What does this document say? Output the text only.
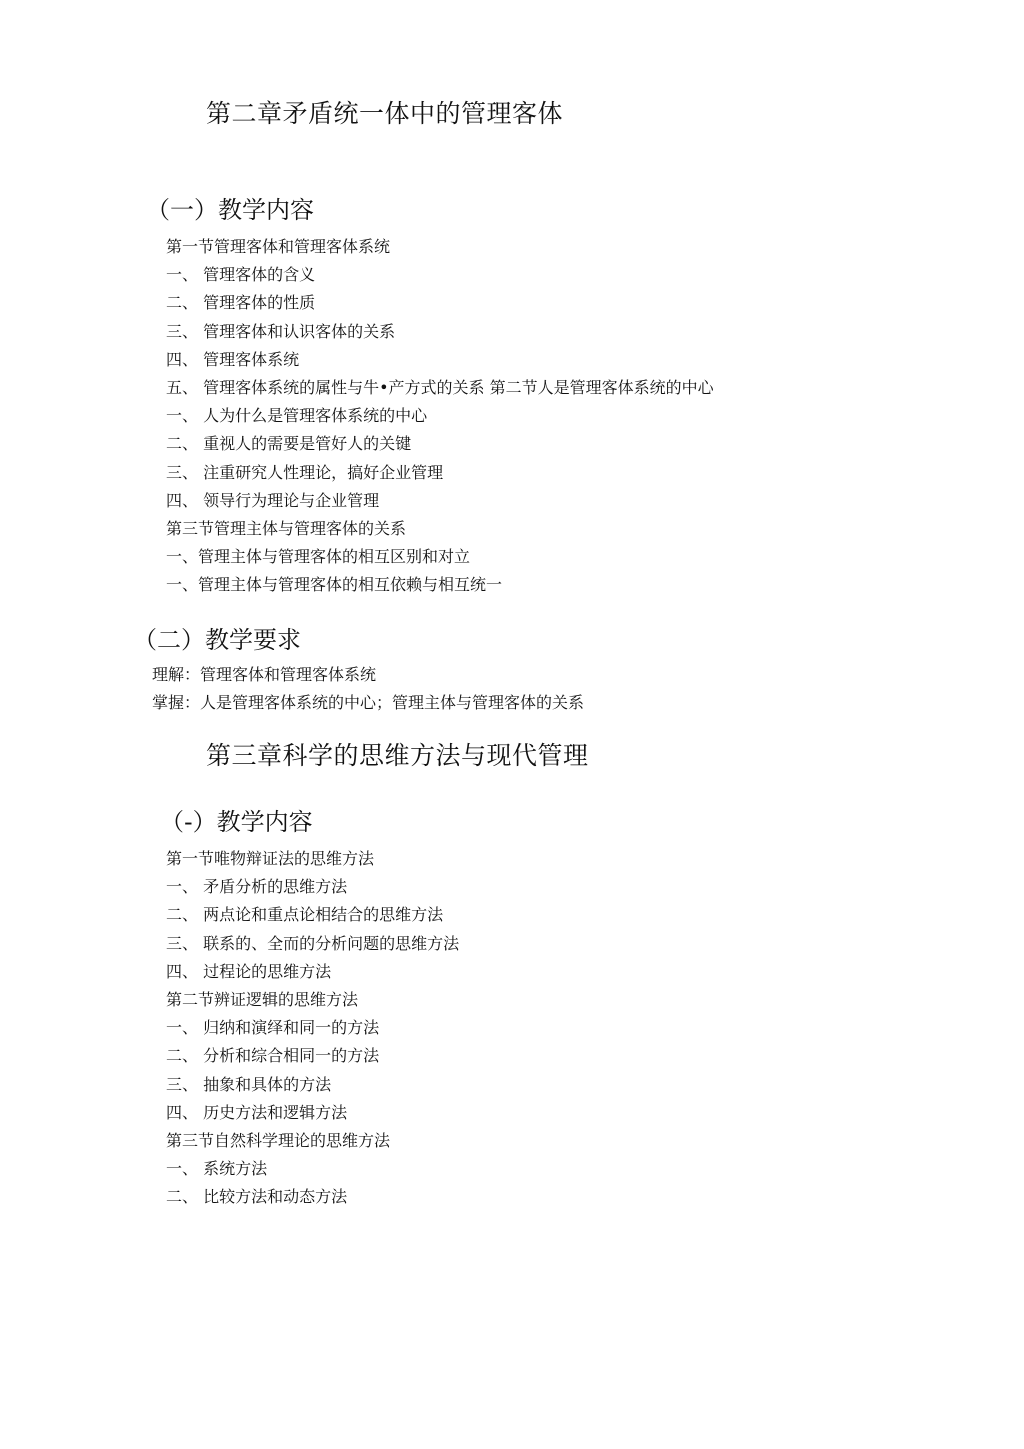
第二章矛盾统一体中的管理客体
（一）教学内容

第一节管理客体和管理客体系统

一、 管理客体的含义

二、 管理客体的性质

三、 管理客体和认识客体的关系

四、 管理客体系统

五、 管理客体系统的属性与牛•产方式的关系 第二节人是管理客体系统的中心

一、 人为什么是管理客体系统的中心

二、 重视人的需要是管好人的关键

三、 注重研究人性理论，搞好企业管理

四、 领导行为理论与企业管理

第三节管理主体与管理客体的关系

一、管理主体与管理客体的相互区别和对立

一、管理主体与管理客体的相互依赖与相互统一

（二）教学要求

理解：管理客体和管理客体系统

掌握：人是管理客体系统的中心；管理主体与管理客体的关系

第三章科学的思维方法与现代管理
（-）教学内容

第一节唯物辩证法的思维方法

一、 矛盾分析的思维方法

二、 两点论和重点论相结合的思维方法

三、 联系的、全而的分析问题的思维方法

四、 过程论的思维方法

第二节辨证逻辑的思维方法

一、 归纳和演绎和同一的方法

二、 分析和综合相同一的方法

三、 抽象和具体的方法

四、 历史方法和逻辑方法

第三节自然科学理论的思维方法

一、 系统方法

二、 比较方法和动态方法
